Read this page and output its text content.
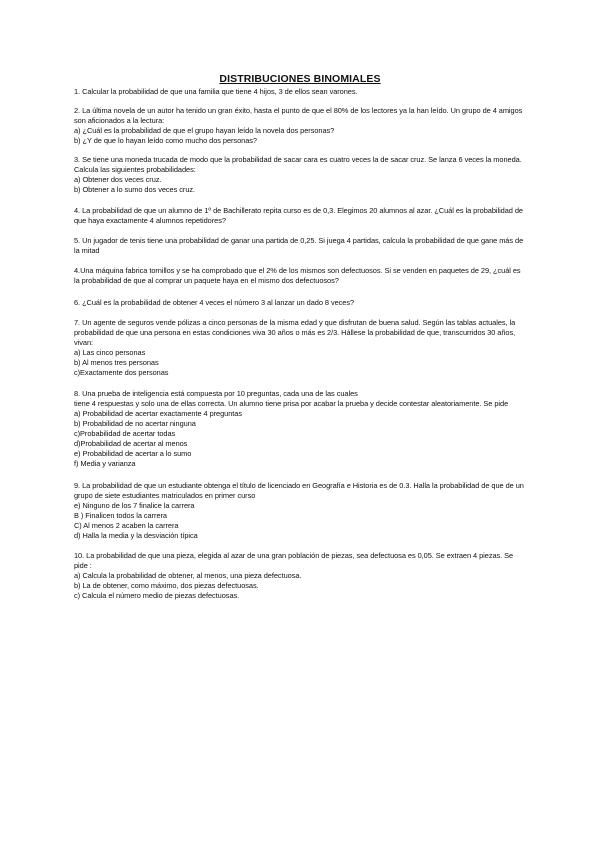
DISTRIBUCIONES BINOMIALES

1. Calcular la probabilidad de que una familia que tiene 4 hijos, 3 de ellos sean varones.

2. La última novela de un autor ha tenido un gran éxito, hasta el punto de que el 80% de los lectores ya la han leído. Un grupo de 4 amigos son aficionados a la lectura:

a) ¿Cuál es la probabilidad de que el grupo hayan leído la novela dos personas?

b) ¿Y de que lo hayan leído como mucho dos personas?

3. Se tiene una moneda trucada de modo que la probabilidad de sacar cara es cuatro veces la de sacar cruz. Se lanza 6 veces la moneda. Calcula las siguientes probabilidades:

a) Obtener dos veces cruz.

b) Obtener a lo sumo dos veces cruz.

4. La probabilidad de que un alumno de 1º de Bachillerato repita curso es de 0,3. Elegimos 20 alumnos al azar. ¿Cuál es la probabilidad de que haya exactamente 4 alumnos repetidores?

5. Un jugador de tenis tiene una probabilidad de ganar una partida de 0,25. Si juega 4 partidas, calcula la probabilidad de que gane más de la mitad

4.Una máquina fabrica tornillos y se ha comprobado que el 2% de los mismos son defectuosos. Si se venden en paquetes de 29, ¿cuál es la probabilidad de que al comprar un paquete haya en el mismo dos defectuosos?

6. ¿Cuál es la probabilidad de obtener 4 veces el número 3 al lanzar un dado 8 veces?

7. Un agente de seguros vende pólizas a cinco personas de la misma edad y que disfrutan de buena salud. Según las tablas actuales, la probabilidad de que una persona en estas condiciones viva 30 años o más es 2/3. Hállese la probabilidad de que, transcurridos 30 años, vivan:

a) Las cinco personas

b) Al menos tres personas

c)Exactamente dos personas

8. Una prueba de inteligencia está compuesta por 10 preguntas, cada una de las cuales

tiene 4 respuestas y solo una de ellas correcta. Un alumno tiene prisa por acabar la prueba y decide contestar aleatoriamente. Se pide

a) Probabilidad de acertar exactamente 4 preguntas

b) Probabilidad de no acertar ninguna

c)Probabilidad de acertar todas

d)Probabilidad de acertar al menos

e) Probabilidad de acertar a lo sumo

f) Media y varianza

9. La probabilidad de que un estudiante obtenga el título de licenciado en Geografía e Historia es de 0.3. Halla la probabilidad de que de un grupo de siete estudiantes matriculados en primer curso

e) Ninguno de los 7 finalice la carrera

B ) Finalicen todos la carrera

C) Al menos 2 acaben la carrera

d) Halla la media y la desviación típica

10. La probabilidad de que una pieza, elegida al azar de una gran población de piezas, sea defectuosa es 0,05. Se extraen 4 piezas. Se pide :

a) Calcula la probabilidad de obtener, al menos, una pieza defectuosa.

b) La de obtener, como máximo, dos piezas defectuosas.

c) Calcula el número medio de piezas defectuosas.
